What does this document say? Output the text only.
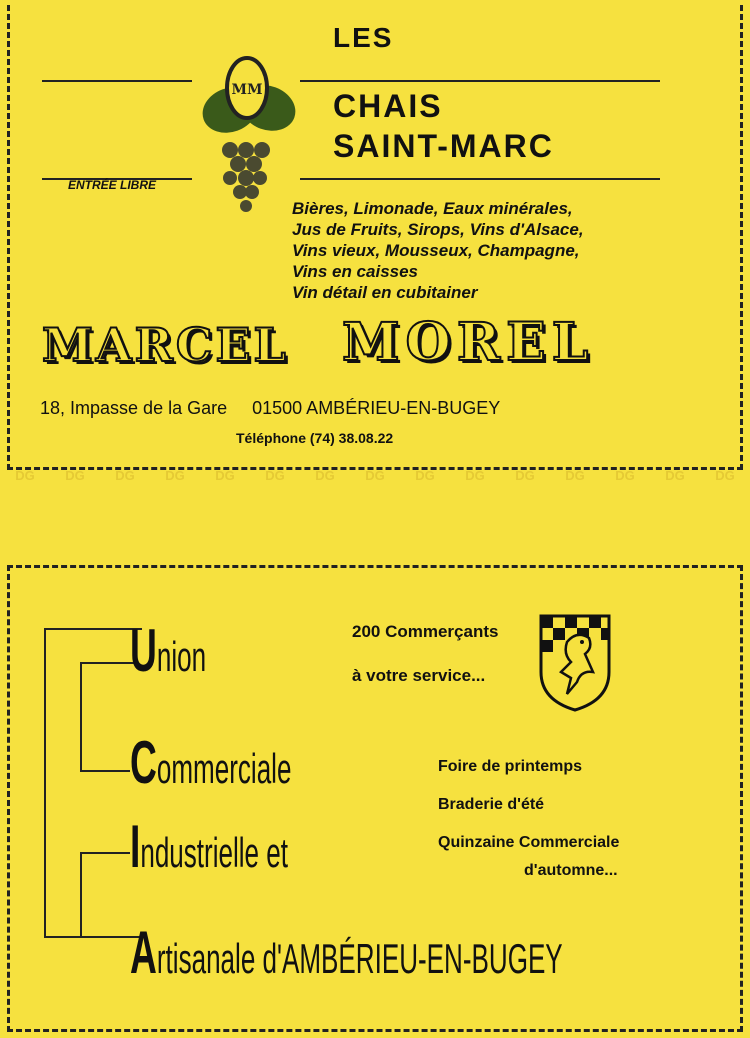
LES
CHAIS
SAINT-MARC
MM
ENTRÉE LIBRE
Bières, Limonade, Eaux minérales,
Jus de Fruits, Sirops, Vins d'Alsace,
Vins vieux, Mousseux, Champagne,
Vins en caisses
Vin détail en cubitainer
MARCEL MOREL
18, Impasse de la Gare 01500 AMBÉRIEU-EN-BUGEY
Téléphone (74) 38.08.22
DG DG DG DG DG DG DG DG DG DG DG DG DG DG DG
Union
Commerciale
Industrielle et
Artisanale d'AMBÉRIEU-EN-BUGEY
200 Commerçants
à votre service...
Foire de printemps
Braderie d'été
Quinzaine Commerciale
d'automne...
